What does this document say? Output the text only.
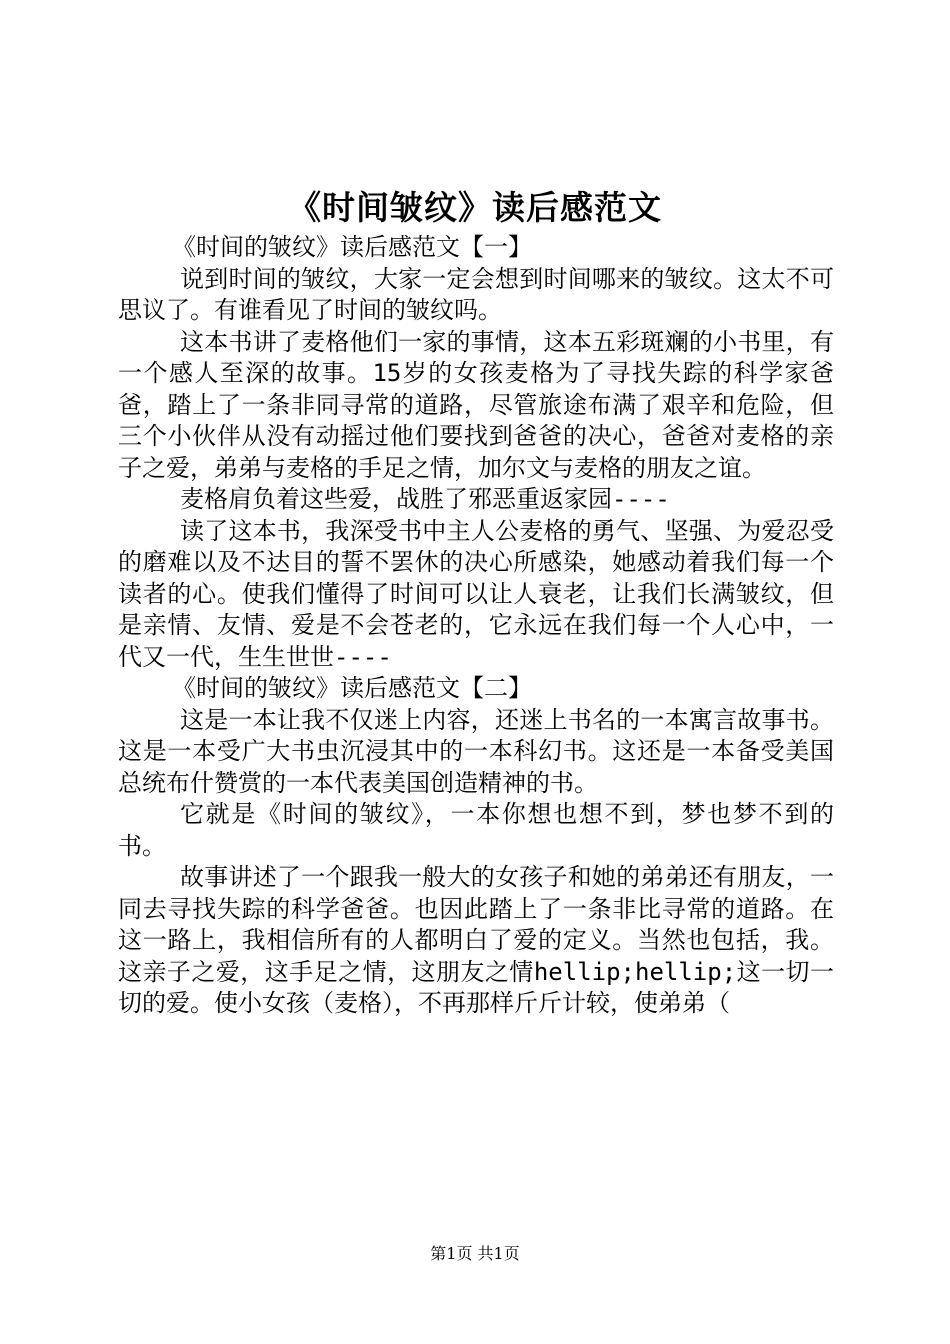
《时间皱纹》读后感范文

《时间的皱纹》读后感范文【一】

说到时间的皱纹，大家一定会想到时间哪来的皱纹。这太不可思议了。有谁看见了时间的皱纹吗。

这本书讲了麦格他们一家的事情，这本五彩斑斓的小书里，有一个感人至深的故事。15岁的女孩麦格为了寻找失踪的科学家爸爸，踏上了一条非同寻常的道路，尽管旅途布满了艰辛和危险，但三个小伙伴从没有动摇过他们要找到爸爸的决心，爸爸对麦格的亲子之爱，弟弟与麦格的手足之情，加尔文与麦格的朋友之谊。

麦格肩负着这些爱，战胜了邪恶重返家园----

读了这本书，我深受书中主人公麦格的勇气、坚强、为爱忍受的磨难以及不达目的誓不罢休的决心所感染，她感动着我们每一个读者的心。使我们懂得了时间可以让人衰老，让我们长满皱纹，但是亲情、友情、爱是不会苍老的，它永远在我们每一个人心中，一代又一代，生生世世----

《时间的皱纹》读后感范文【二】

这是一本让我不仅迷上内容，还迷上书名的一本寓言故事书。这是一本受广大书虫沉浸其中的一本科幻书。这还是一本备受美国总统布什赞赏的一本代表美国创造精神的书。

它就是《时间的皱纹》，一本你想也想不到，梦也梦不到的书。

故事讲述了一个跟我一般大的女孩子和她的弟弟还有朋友，一同去寻找失踪的科学爸爸。也因此踏上了一条非比寻常的道路。在这一路上，我相信所有的人都明白了爱的定义。当然也包括，我。这亲子之爱，这手足之情，这朋友之情hellip;hellip;这一切一切的爱。使小女孩（麦格），不再那样斤斤计较，使弟弟（

第1页 共1页
